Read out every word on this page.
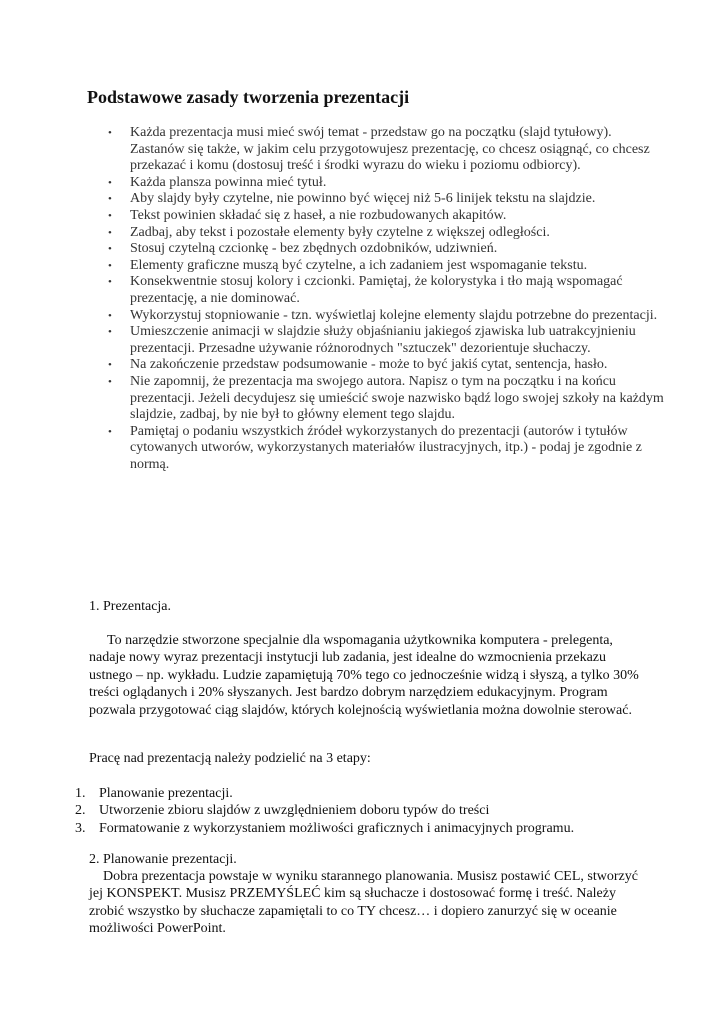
Podstawowe zasady tworzenia prezentacji
• Każda prezentacja musi mieć swój temat - przedstaw go na początku (slajd tytułowy). Zastanów się także, w jakim celu przygotowujesz prezentację, co chcesz osiągnąć, co chcesz przekazać i komu (dostosuj treść i środki wyrazu do wieku i poziomu odbiorcy).
• Każda plansza powinna mieć tytuł.
• Aby slajdy były czytelne, nie powinno być więcej niż 5-6 linijek tekstu na slajdzie.
• Tekst powinien składać się z haseł, a nie rozbudowanych akapitów.
• Zadbaj, aby tekst i pozostałe elementy były czytelne z większej odległości.
• Stosuj czytelną czcionkę - bez zbędnych ozdobników, udziwnień.
• Elementy graficzne muszą być czytelne, a ich zadaniem jest wspomaganie tekstu.
• Konsekwentnie stosuj kolory i czcionki. Pamiętaj, że kolorystyka i tło mają wspomagać prezentację, a nie dominować.
• Wykorzystuj stopniowanie - tzn. wyświetlaj kolejne elementy slajdu potrzebne do prezentacji.
• Umieszczenie animacji w slajdzie służy objaśnianiu jakiegoś zjawiska lub uatrakcyjnieniu prezentacji. Przesadne używanie różnorodnych "sztuczek" dezorientuje słuchaczy.
• Na zakończenie przedstaw podsumowanie - może to być jakiś cytat, sentencja, hasło.
• Nie zapomnij, że prezentacja ma swojego autora. Napisz o tym na początku i na końcu prezentacji. Jeżeli decydujesz się umieścić swoje nazwisko bądź logo swojej szkoły na każdym slajdzie, zadbaj, by nie był to główny element tego slajdu.
• Pamiętaj o podaniu wszystkich źródeł wykorzystanych do prezentacji (autorów i tytułów cytowanych utworów, wykorzystanych materiałów ilustracyjnych, itp.) - podaj je zgodnie z normą.
1. Prezentacja.
To narzędzie stworzone specjalnie dla wspomagania użytkownika komputera - prelegenta, nadaje nowy wyraz prezentacji instytucji lub zadania, jest idealne do wzmocnienia przekazu ustnego – np. wykładu. Ludzie zapamiętują 70% tego co jednocześnie widzą i słyszą, a tylko 30% treści oglądanych i 20% słyszanych. Jest bardzo dobrym narzędziem edukacyjnym. Program pozwala przygotować ciąg slajdów, których kolejnością wyświetlania można dowolnie sterować.
Pracę nad prezentacją należy podzielić na 3 etapy:
1. Planowanie prezentacji.
2. Utworzenie zbioru slajdów z uwzględnieniem doboru typów do treści
3. Formatowanie z wykorzystaniem możliwości graficznych i animacyjnych programu.
2. Planowanie prezentacji.
Dobra prezentacja powstaje w wyniku starannego planowania. Musisz postawić CEL, stworzyć jej KONSPEKT. Musisz PRZEMYŚLEĆ kim są słuchacze i dostosować formę i treść. Należy zrobić wszystko by słuchacze zapamiętali to co TY chcesz… i dopiero zanurzyć się w oceanie możliwości PowerPoint.
